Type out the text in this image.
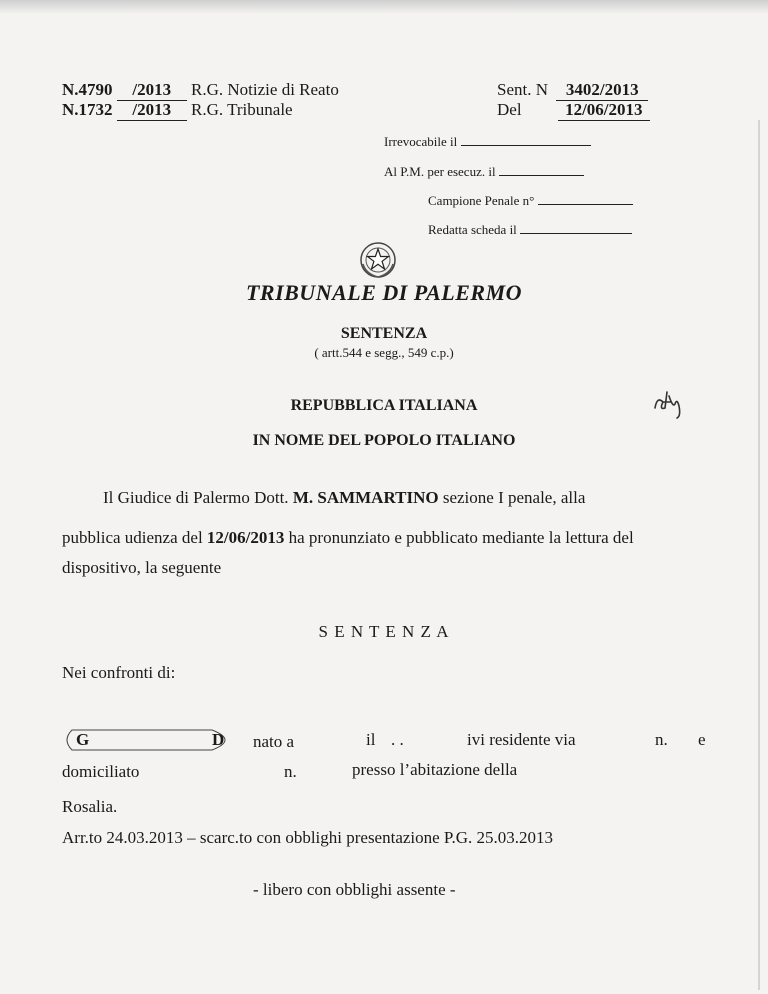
N.4790 /2013 R.G. Notizie di Reato
N.1732 /2013 R.G. Tribunale
Sent. N 3402/2013
Del	12/06/2013
Irrevocabile il
Al P.M. per esecuz. il
Campione Penale n°
Redatta scheda il
TRIBUNALE DI PALERMO
SENTENZA
( artt.544 e segg., 549 c.p.)
REPUBBLICA ITALIANA
IN NOME DEL POPOLO ITALIANO
Il Giudice di Palermo Dott. M. SAMMARTINO sezione I penale, alla
pubblica udienza del 12/06/2013 ha pronunziato e pubblicato mediante la lettura del
dispositivo, la seguente
S E N T E N Z A
Nei confronti di:
G	D nato a	il . .	ivi residente via	n. e
domiciliato	n.	presso l’abitazione della
Rosalia.
Arr.to 24.03.2013 – scarc.to con obblighi presentazione P.G. 25.03.2013
- libero con obblighi assente -
